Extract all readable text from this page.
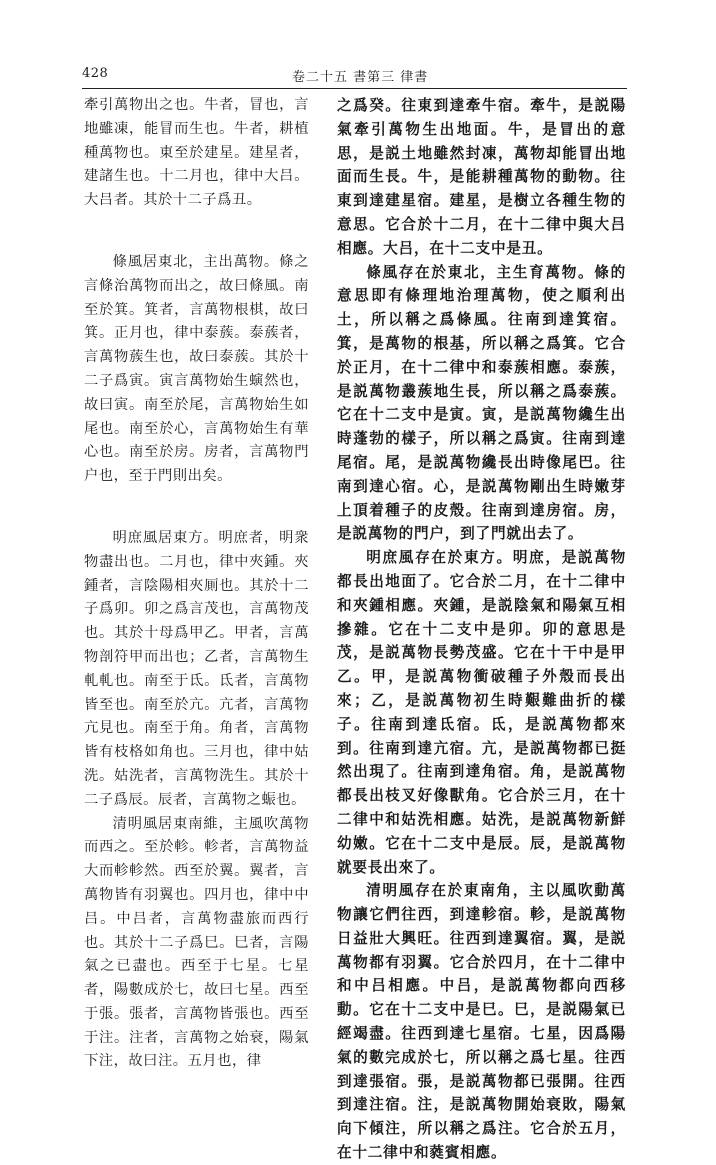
428	卷二十五 書第三 律書

牽引萬物出之也。牛者，冒也，言地雖凍，能冒而生也。牛者，耕植種萬物也。東至於建星。建星者，建諸生也。十二月也，律中大吕。大吕者。其於十二子爲丑。

條風居東北，主出萬物。條之言條治萬物而出之，故曰條風。南至於箕。箕者，言萬物根棋，故曰箕。正月也，律中泰蔟。泰蔟者，言萬物蔟生也，故曰泰蔟。其於十二子爲寅。寅言萬物始生螾然也，故曰寅。南至於尾，言萬物始生如尾也。南至於心，言萬物始生有華心也。南至於房。房者，言萬物門户也，至于門則出矣。

明庶風居東方。明庶者，明衆物盡出也。二月也，律中夾鍾。夾鍾者，言陰陽相夾厠也。其於十二子爲卯。卯之爲言茂也，言萬物茂也。其於十母爲甲乙。甲者，言萬物剖符甲而出也；乙者，言萬物生軋軋也。南至于氐。氐者，言萬物皆至也。南至於亢。亢者，言萬物亢見也。南至于角。角者，言萬物皆有枝格如角也。三月也，律中姑洗。姑洗者，言萬物洗生。其於十二子爲辰。辰者，言萬物之蜄也。

清明風居東南維，主風吹萬物而西之。至於軫。軫者，言萬物益大而軫軫然。西至於翼。翼者，言萬物皆有羽翼也。四月也，律中中吕。中吕者，言萬物盡旅而西行也。其於十二子爲巳。巳者，言陽氣之已盡也。西至于七星。七星者，陽數成於七，故曰七星。西至于張。張者，言萬物皆張也。西至于注。注者，言萬物之始衰，陽氣下注，故曰注。五月也，律

之爲癸。往東到達牽牛宿。牽牛，是説陽氣牽引萬物生出地面。牛，是冒出的意思，是説土地雖然封凍，萬物却能冒出地面而生長。牛，是能耕種萬物的動物。往東到達建星宿。建星，是樹立各種生物的意思。它合於十二月，在十二律中與大吕相應。大吕，在十二支中是丑。

條風存在於東北，主生育萬物。條的意思即有條理地治理萬物，使之順利出土，所以稱之爲條風。往南到達箕宿。箕，是萬物的根基，所以稱之爲箕。它合於正月，在十二律中和泰蔟相應。泰蔟，是説萬物叢蔟地生長，所以稱之爲泰蔟。它在十二支中是寅。寅，是説萬物纔生出時蓬勃的樣子，所以稱之爲寅。往南到達尾宿。尾，是説萬物纔長出時像尾巴。往南到達心宿。心，是説萬物剛出生時嫩芽上頂着種子的皮殼。往南到達房宿。房，是説萬物的門户，到了門就出去了。

明庶風存在於東方。明庶，是説萬物都長出地面了。它合於二月，在十二律中和夾鍾相應。夾鍾，是説陰氣和陽氣互相摻雜。它在十二支中是卯。卯的意思是茂，是説萬物長勢茂盛。它在十干中是甲乙。甲，是説萬物衝破種子外殼而長出來；乙，是説萬物初生時艱難曲折的樣子。往南到達氐宿。氐，是説萬物都來到。往南到達亢宿。亢，是説萬物都已挺然出現了。往南到達角宿。角，是説萬物都長出枝叉好像獸角。它合於三月，在十二律中和姑洗相應。姑洗，是説萬物新鮮幼嫩。它在十二支中是辰。辰，是説萬物就要長出來了。

清明風存在於東南角，主以風吹動萬物讓它們往西，到達軫宿。軫，是説萬物日益壯大興旺。往西到達翼宿。翼，是説萬物都有羽翼。它合於四月，在十二律中和中吕相應。中吕，是説萬物都向西移動。它在十二支中是巳。巳，是説陽氣已經竭盡。往西到達七星宿。七星，因爲陽氣的數完成於七，所以稱之爲七星。往西到達張宿。張，是説萬物都已張開。往西到達注宿。注，是説萬物開始衰敗，陽氣向下傾注，所以稱之爲注。它合於五月，在十二律中和蕤賓相應。
